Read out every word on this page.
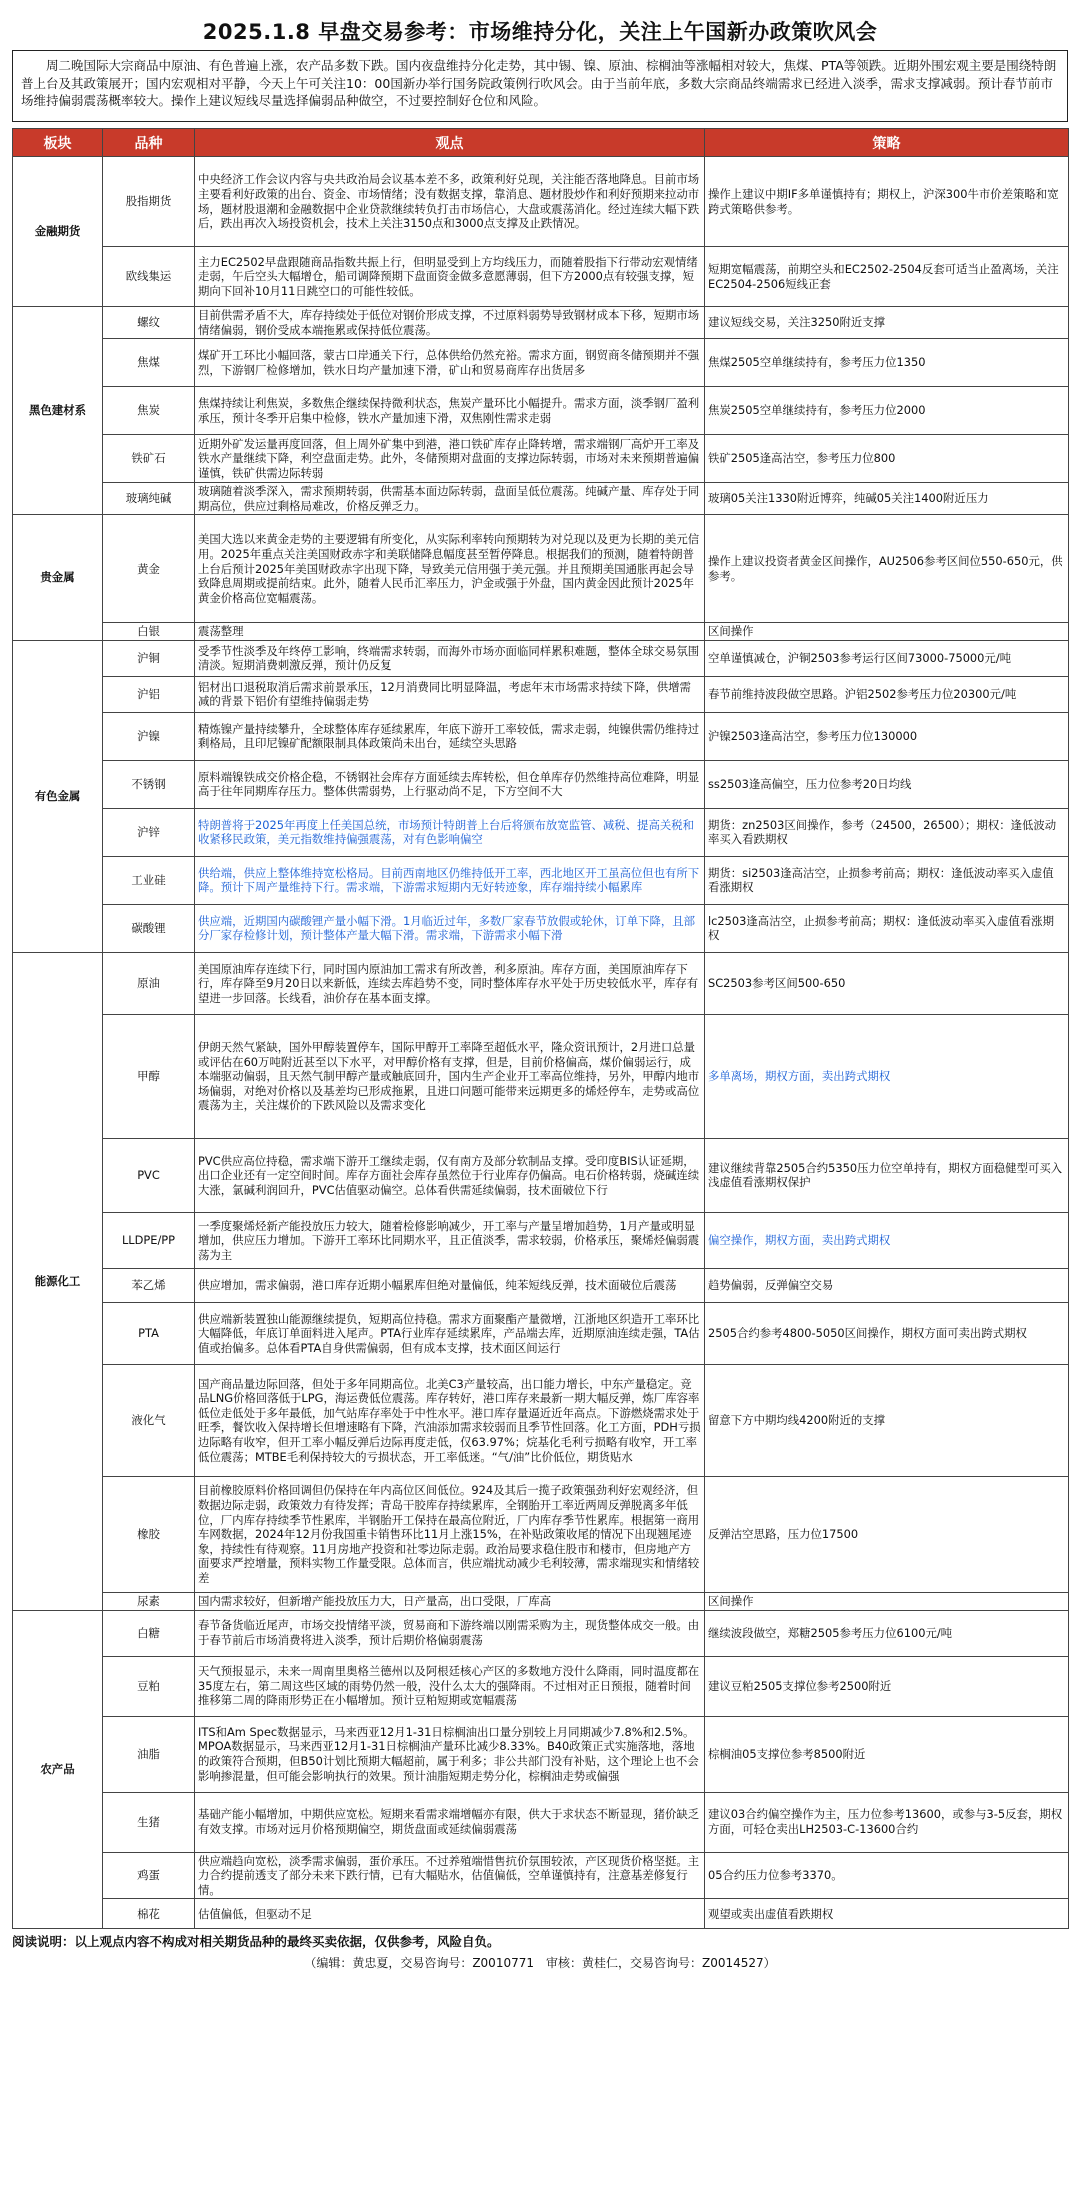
2025.1.8 早盘交易参考：市场维持分化，关注上午国新办政策吹风会
周二晚国际大宗商品中原油、有色普遍上涨，农产品多数下跌。国内夜盘维持分化走势，其中锡、镍、原油、棕榈油等涨幅相对较大，焦煤、PTA等领跌。近期外围宏观主要是围绕特朗普上台及其政策展开；国内宏观相对平静，今天上午可关注10：00国新办举行国务院政策例行吹风会。由于当前年底，多数大宗商品终端需求已经进入淡季，需求支撑减弱。预计春节前市场维持偏弱震荡概率较大。操作上建议短线尽量选择偏弱品种做空，不过要控制好仓位和风险。
板块	品种	观点	策略
金融期货	股指期货	中央经济工作会议内容与央共政治局会议基本差不多，政策利好兑现，关注能否落地降息。目前市场主要看利好政策的出台、资金、市场情绪；没有数据支撑，靠消息、题材股炒作和利好预期来拉动市场，题材股退潮和金融数据中企业贷款继续转负打击市场信心，大盘或震荡消化。经过连续大幅下跌后，跌出再次入场投资机会，技术上关注3150点和3000点支撑及止跌情况。	操作上建议中期IF多单谨慎持有；期权上，沪深300牛市价差策略和宽跨式策略供参考。
	欧线集运	主力EC2502早盘跟随商品指数共振上行，但明显受到上方均线压力，而随着股指下行带动宏观情绪走弱，午后空头大幅增仓，船司调降预期下盘面资金做多意愿薄弱，但下方2000点有较强支撑，短期向下回补10月11日跳空口的可能性较低。	短期宽幅震荡，前期空头和EC2502-2504反套可适当止盈离场，关注EC2504-2506短线正套
黑色建材系	螺纹	目前供需矛盾不大，库存持续处于低位对钢价形成支撑，不过原料弱势导致钢材成本下移，短期市场情绪偏弱，钢价受成本端拖累或保持低位震荡。	建议短线交易，关注3250附近支撑
	焦煤	煤矿开工环比小幅回落，蒙古口岸通关下行，总体供给仍然充裕。需求方面，钢贸商冬储预期并不强烈，下游钢厂检修增加，铁水日均产量加速下滑，矿山和贸易商库存出货居多	焦煤2505空单继续持有，参考压力位1350
	焦炭	焦煤持续让利焦炭，多数焦企继续保持微利状态，焦炭产量环比小幅提升。需求方面，淡季钢厂盈利承压，预计冬季开启集中检修，铁水产量加速下滑，双焦刚性需求走弱	焦炭2505空单继续持有，参考压力位2000
	铁矿石	近期外矿发运量再度回落，但上周外矿集中到港，港口铁矿库存止降转增，需求端钢厂高炉开工率及铁水产量继续下降，利空盘面走势。此外，冬储预期对盘面的支撑边际转弱，市场对未来预期普遍偏谨慎，铁矿供需边际转弱	铁矿2505逢高沽空，参考压力位800
	玻璃纯碱	玻璃随着淡季深入，需求预期转弱，供需基本面边际转弱，盘面呈低位震荡。纯碱产量、库存处于同期高位，供应过剩格局难改，价格反弹乏力。	玻璃05关注1330附近博弈，纯碱05关注1400附近压力
贵金属	黄金	美国大选以来黄金走势的主要逻辑有所变化，从实际利率转向预期转为对兑现以及更为长期的美元信用。2025年重点关注美国财政赤字和美联储降息幅度甚至暂停降息。根据我们的预测，随着特朗普上台后预计2025年美国财政赤字出现下降，导致美元信用强于美元强。并且预期美国通胀再起会导致降息周期或提前结束。此外，随着人民币汇率压力，沪金或强于外盘，国内黄金因此预计2025年黄金价格高位宽幅震荡。	操作上建议投资者黄金区间操作，AU2506参考区间位550-650元，供参考。
	白银	震荡整理	区间操作
有色金属	沪铜	受季节性淡季及年终停工影响，终端需求转弱，而海外市场亦面临同样累积难题，整体全球交易氛围清淡。短期消费刺激反弹，预计仍反复	空单谨慎减仓，沪铜2503参考运行区间73000-75000元/吨
	沪铝	铝材出口退税取消后需求前景承压，12月消费同比明显降温，考虑年末市场需求持续下降，供增需减的背景下铝价有望维持偏弱走势	春节前维持波段做空思路。沪铝2502参考压力位20300元/吨
	沪镍	精炼镍产量持续攀升，全球整体库存延续累库，年底下游开工率较低，需求走弱，纯镍供需仍维持过剩格局，且印尼镍矿配额限制具体政策尚未出台，延续空头思路	沪镍2503逢高沽空，参考压力位130000
	不锈钢	原料端镍铁成交价格企稳，不锈钢社会库存方面延续去库转松，但仓单库存仍然维持高位难降，明显高于往年同期库存压力。整体供需弱势，上行驱动尚不足，下方空间不大	ss2503逢高偏空，压力位参考20日均线
	沪锌	特朗普将于2025年再度上任美国总统，市场预计特朗普上台后将颁布放宽监管、减税、提高关税和收紧移民政策，美元指数维持偏强震荡，对有色影响偏空	期货：zn2503区间操作，参考（24500，26500）；期权：逢低波动率买入看跌期权
	工业硅	供给端，供应上整体维持宽松格局。目前西南地区仍维持低开工率，西北地区开工虽高位但也有所下降。预计下周产量维持下行。需求端，下游需求短期内无好转迹象，库存端持续小幅累库	期货：si2503逢高沽空，止损参考前高；期权：逢低波动率买入虚值看涨期权
	碳酸锂	供应端，近期国内碳酸锂产量小幅下滑。1月临近过年，多数厂家春节放假或轮休，订单下降，且部分厂家存检修计划，预计整体产量大幅下滑。需求端，下游需求小幅下滑	lc2503逢高沽空，止损参考前高；期权：逢低波动率买入虚值看涨期权
能源化工	原油	美国原油库存连续下行，同时国内原油加工需求有所改善，利多原油。库存方面，美国原油库存下行，库存降至9月20日以来新低，连续去库趋势不变，同时整体库存水平处于历史较低水平，库存有望进一步回落。长线看，油价存在基本面支撑。	SC2503参考区间500-650
	甲醇	伊朗天然气紧缺，国外甲醇装置停车，国际甲醇开工率降至超低水平，隆众资讯预计，2月进口总量或评估在60万吨附近甚至以下水平，对甲醇价格有支撑，但是，目前价格偏高，煤价偏弱运行，成本端驱动偏弱，且天然气制甲醇产量或触底回升，国内生产企业开工率高位维持，另外，甲醇内地市场偏弱，对绝对价格以及基差均已形成拖累，且进口问题可能带来远期更多的烯烃停车，走势或高位震荡为主，关注煤价的下跌风险以及需求变化	多单离场，期权方面，卖出跨式期权
	PVC	PVC供应高位持稳，需求端下游开工继续走弱，仅有南方及部分软制品支撑。受印度BIS认证延期，出口企业还有一定空间时间。库存方面社会库存虽然位于行业库存仍偏高。电石价格转弱，烧碱连续大涨，氯碱利润回升，PVC估值驱动偏空。总体看供需延续偏弱，技术面破位下行	建议继续背靠2505合约5350压力位空单持有，期权方面稳健型可买入浅虚值看涨期权保护
	LLDPE/PP	一季度聚烯烃新产能投放压力较大，随着检修影响减少，开工率与产量呈增加趋势，1月产量或明显增加，供应压力增加。下游开工率环比同期水平，且正值淡季，需求较弱，价格承压，聚烯烃偏弱震荡为主	偏空操作，期权方面，卖出跨式期权
	苯乙烯	供应增加，需求偏弱，港口库存近期小幅累库但绝对量偏低，纯苯短线反弹，技术面破位后震荡	趋势偏弱，反弹偏空交易
	PTA	供应端新装置独山能源继续提负，短期高位持稳。需求方面聚酯产量微增，江浙地区织造开工率环比大幅降低，年底订单面料进入尾声。PTA行业库存延续累库，产品端去库，近期原油连续走强，TA估值或抬偏多。总体看PTA自身供需偏弱，但有成本支撑，技术面区间运行	2505合约参考4800-5050区间操作，期权方面可卖出跨式期权
	液化气	国产商品量边际回落，但处于多年同期高位。北美C3产量较高，出口能力增长，中东产量稳定。竞品LNG价格回落低于LPG，海运费低位震荡。库存转好，港口库存来最新一期大幅反弹，炼厂库容率低位走低处于多年最低，加气站库存率处于中性水平。港口库存量逼近近年高点。下游燃烧需求处于旺季，餐饮收入保持增长但增速略有下降，汽油添加需求较弱而且季节性回落。化工方面，PDH亏损边际略有收窄，但开工率小幅反弹后边际再度走低，仅63.97%；烷基化毛利亏损略有收窄，开工率低位震荡；MTBE毛利保持较大的亏损状态，开工率低迷。“气/油”比价低位，期货贴水	留意下方中期均线4200附近的支撑
	橡胶	目前橡胶原料价格回调但仍保持在年内高位区间低位。924及其后一揽子政策强劲利好宏观经济，但数据边际走弱，政策效力有待发挥；青岛干胶库存持续累库，全钢胎开工率近两周反弹脱离多年低位，厂内库存持续季节性累库，半钢胎开工保持在最高位附近，厂内库存季节性累库。根据第一商用车网数据，2024年12月份我国重卡销售环比11月上涨15%，在补贴政策收尾的情况下出现翘尾迹象，持续性有待观察。11月房地产投资和社零边际走弱。政治局要求稳住股市和楼市，但房地产方面要求严控增量，预料实物工作量受限。总体而言，供应端扰动减少毛利较薄，需求端现实和情绪较差	反弹沽空思路，压力位17500
	尿素	国内需求较好，但新增产能投放压力大，日产量高，出口受限，厂库高	区间操作
农产品	白糖	春节备货临近尾声，市场交投情绪平淡，贸易商和下游终端以刚需采购为主，现货整体成交一般。由于春节前后市场消费将进入淡季，预计后期价格偏弱震荡	继续波段做空，郑糖2505参考压力位6100元/吨
	豆粕	天气预报显示，未来一周南里奥格兰德州以及阿根廷核心产区的多数地方没什么降雨，同时温度都在35度左右，第二周这些区域的雨势仍然一般，没什么太大的强降雨。不过相对正日预报，随着时间推移第二周的降雨形势正在小幅增加。预计豆粕短期或宽幅震荡	建议豆粕2505支撑位参考2500附近
	油脂	ITS和Am Spec数据显示，马来西亚12月1-31日棕榈油出口量分别较上月同期减少7.8%和2.5%。MPOA数据显示，马来西亚12月1-31日棕榈油产量环比减少8.33%。B40政策正式实施落地，落地的政策符合预期，但B50计划比预期大幅超前，属于利多；非公共部门没有补贴，这个理论上也不会影响掺混量，但可能会影响执行的效果。预计油脂短期走势分化，棕榈油走势或偏强	棕榈油05支撑位参考8500附近
	生猪	基础产能小幅增加，中期供应宽松。短期来看需求端增幅亦有限，供大于求状态不断显现，猪价缺乏有效支撑。市场对远月价格预期偏空，期货盘面或延续偏弱震荡	建议03合约偏空操作为主，压力位参考13600，或参与3-5反套，期权方面，可轻仓卖出LH2503-C-13600合约
	鸡蛋	供应端趋向宽松，淡季需求偏弱，蛋价承压。不过养殖端惜售抗价氛围较浓，产区现货价格坚挺。主力合约提前透支了部分未来下跌行情，已有大幅贴水，估值偏低，空单谨慎持有，注意基差修复行情。	05合约压力位参考3370。
	棉花	估值偏低，但驱动不足	观望或卖出虚值看跌期权
阅读说明：以上观点内容不构成对相关期货品种的最终买卖依据，仅供参考，风险自负。
（编辑：黄忠夏，交易咨询号：Z0010771　审核：黄桂仁，交易咨询号：Z0014527）
